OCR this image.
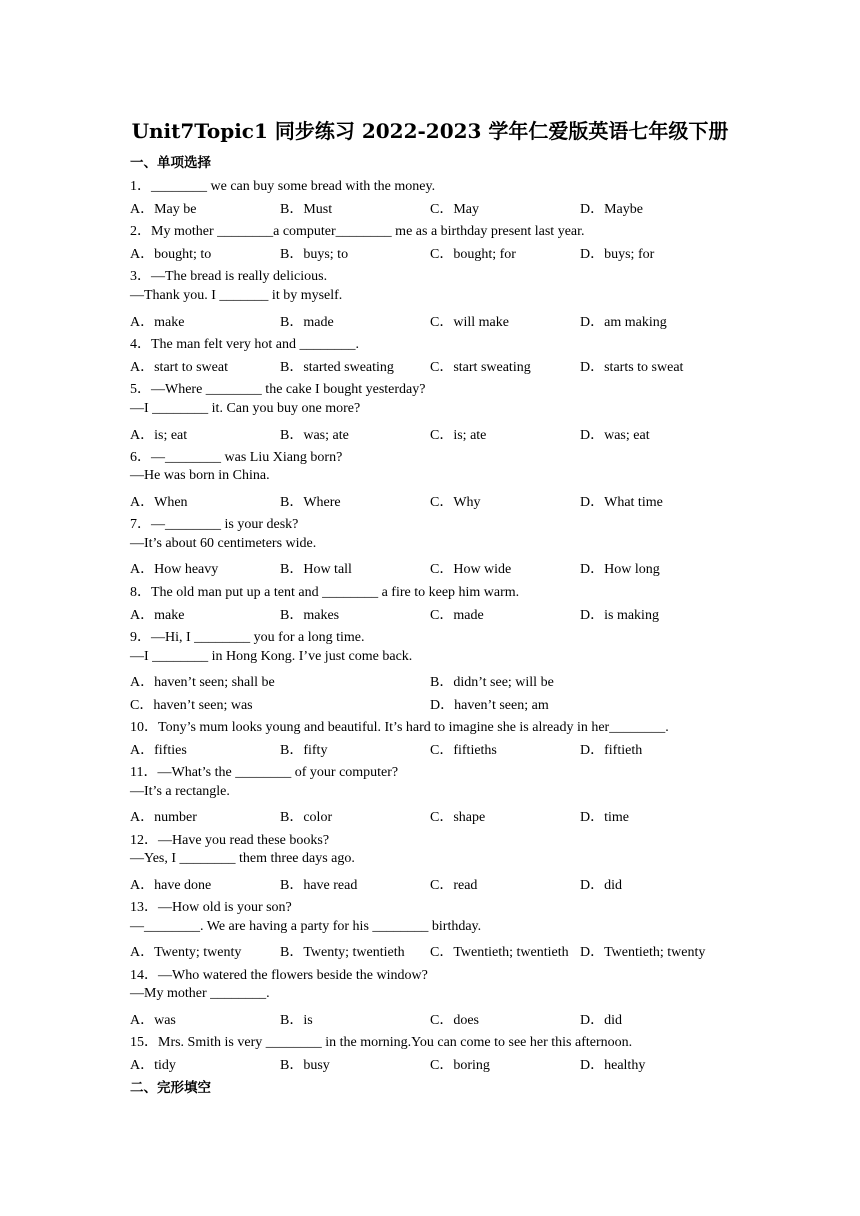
Unit7Topic1 同步练习 2022-2023 学年仁爱版英语七年级下册
一、单项选择
1．________ we can buy some bread with the money.

A．May be

	B．Must

	C．May

	D．Maybe

2．My mother ________a computer________ me as a birthday present last year.

A．bought; to

	B．buys; to

	C．bought; for

	D．buys; for

3．—The bread is really delicious.
—Thank you. I _______ it by myself.

A．make

	B．made

	C．will make

	D．am making

4．The man felt very hot and ________.

A．start to sweat

	B．started sweating

	C．start sweating

	D．starts to sweat

5．—Where ________ the cake I bought yesterday?
—I ________ it. Can you buy one more?

A．is; eat

	B．was; ate

	C．is; ate

	D．was; eat

6．—________ was Liu Xiang born?
—He was born in China.

A．When

	B．Where

	C．Why

	D．What time

7．—________ is your desk?
—It’s about 60 centimeters wide.

A．How heavy

	B．How tall

	C．How wide

	D．How long

8．The old man put up a tent and ________ a fire to keep him warm.

A．make

	B．makes

	C．made

	D．is making

9．—Hi, I ________ you for a long time.
—I ________ in Hong Kong. I’ve just come back.

A．haven’t seen; shall be

	B．didn’t see; will be

C．haven’t seen; was

	D．haven’t seen; am

10．Tony’s mum looks young and beautiful. It’s hard to imagine she is already in her________.

A．fifties

	B．fifty

	C．fiftieths

	D．fiftieth

11．—What’s the ________ of your computer?
—It’s a rectangle.

A．number

	B．color

	C．shape

	D．time

12．—Have you read these books?
—Yes, I ________ them three days ago.

A．have done

	B．have read

	C．read

	D．did

13．—How old is your son?
—________. We are having a party for his ________ birthday.

A．Twenty; twenty

	B．Twenty; twentieth

C．Twentieth; twentieth

D．Twentieth; twenty

14．—Who watered the flowers beside the window?
—My mother ________.

A．was

	B．is

	C．does

	D．did

15．Mrs. Smith is very ________ in the morning.You can come to see her this afternoon.

A．tidy

	B．busy

	C．boring

	D．healthy

二、完形填空
